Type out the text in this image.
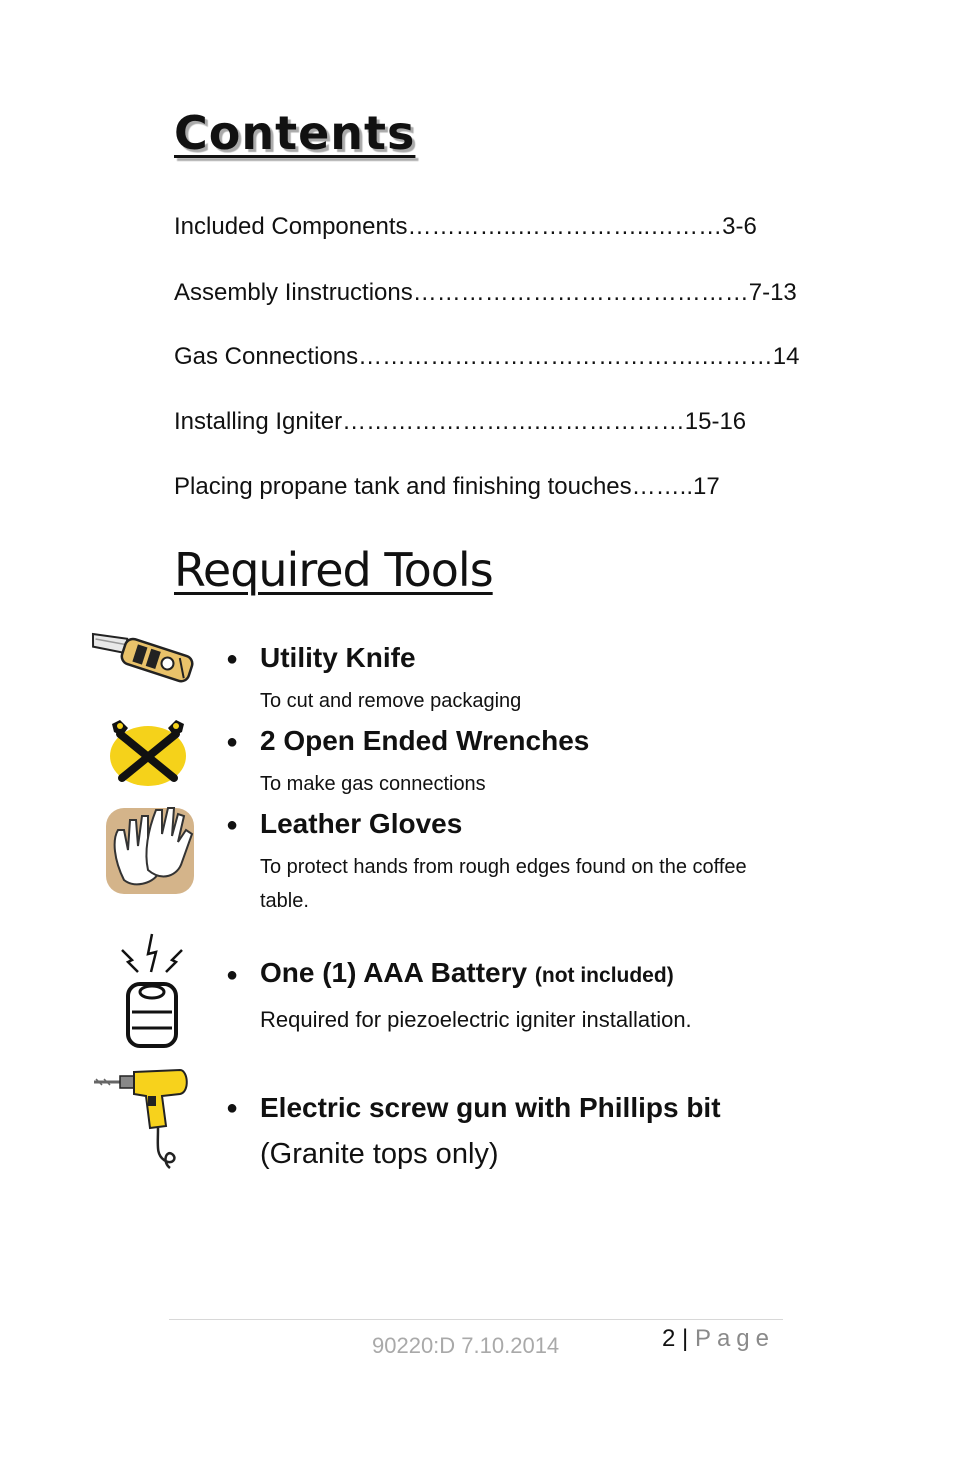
Contents
Included Components…………..……………..………3-6
Assembly Iinstructions……………………………………7-13
Gas Connections…………………………………….………14
Installing Igniter…………………….………………15-16
Placing propane tank and finishing touches……..17
Required Tools
● Utility Knife
To cut and remove packaging
● 2 Open Ended Wrenches
To make gas connections
● Leather Gloves
To protect hands from rough edges found on the coffee table.
● One (1) AAA Battery (not included)
Required for piezoelectric igniter installation.
● Electric screw gun with Phillips bit
(Granite tops only)
90220:D 7.10.2014	2 | Page
